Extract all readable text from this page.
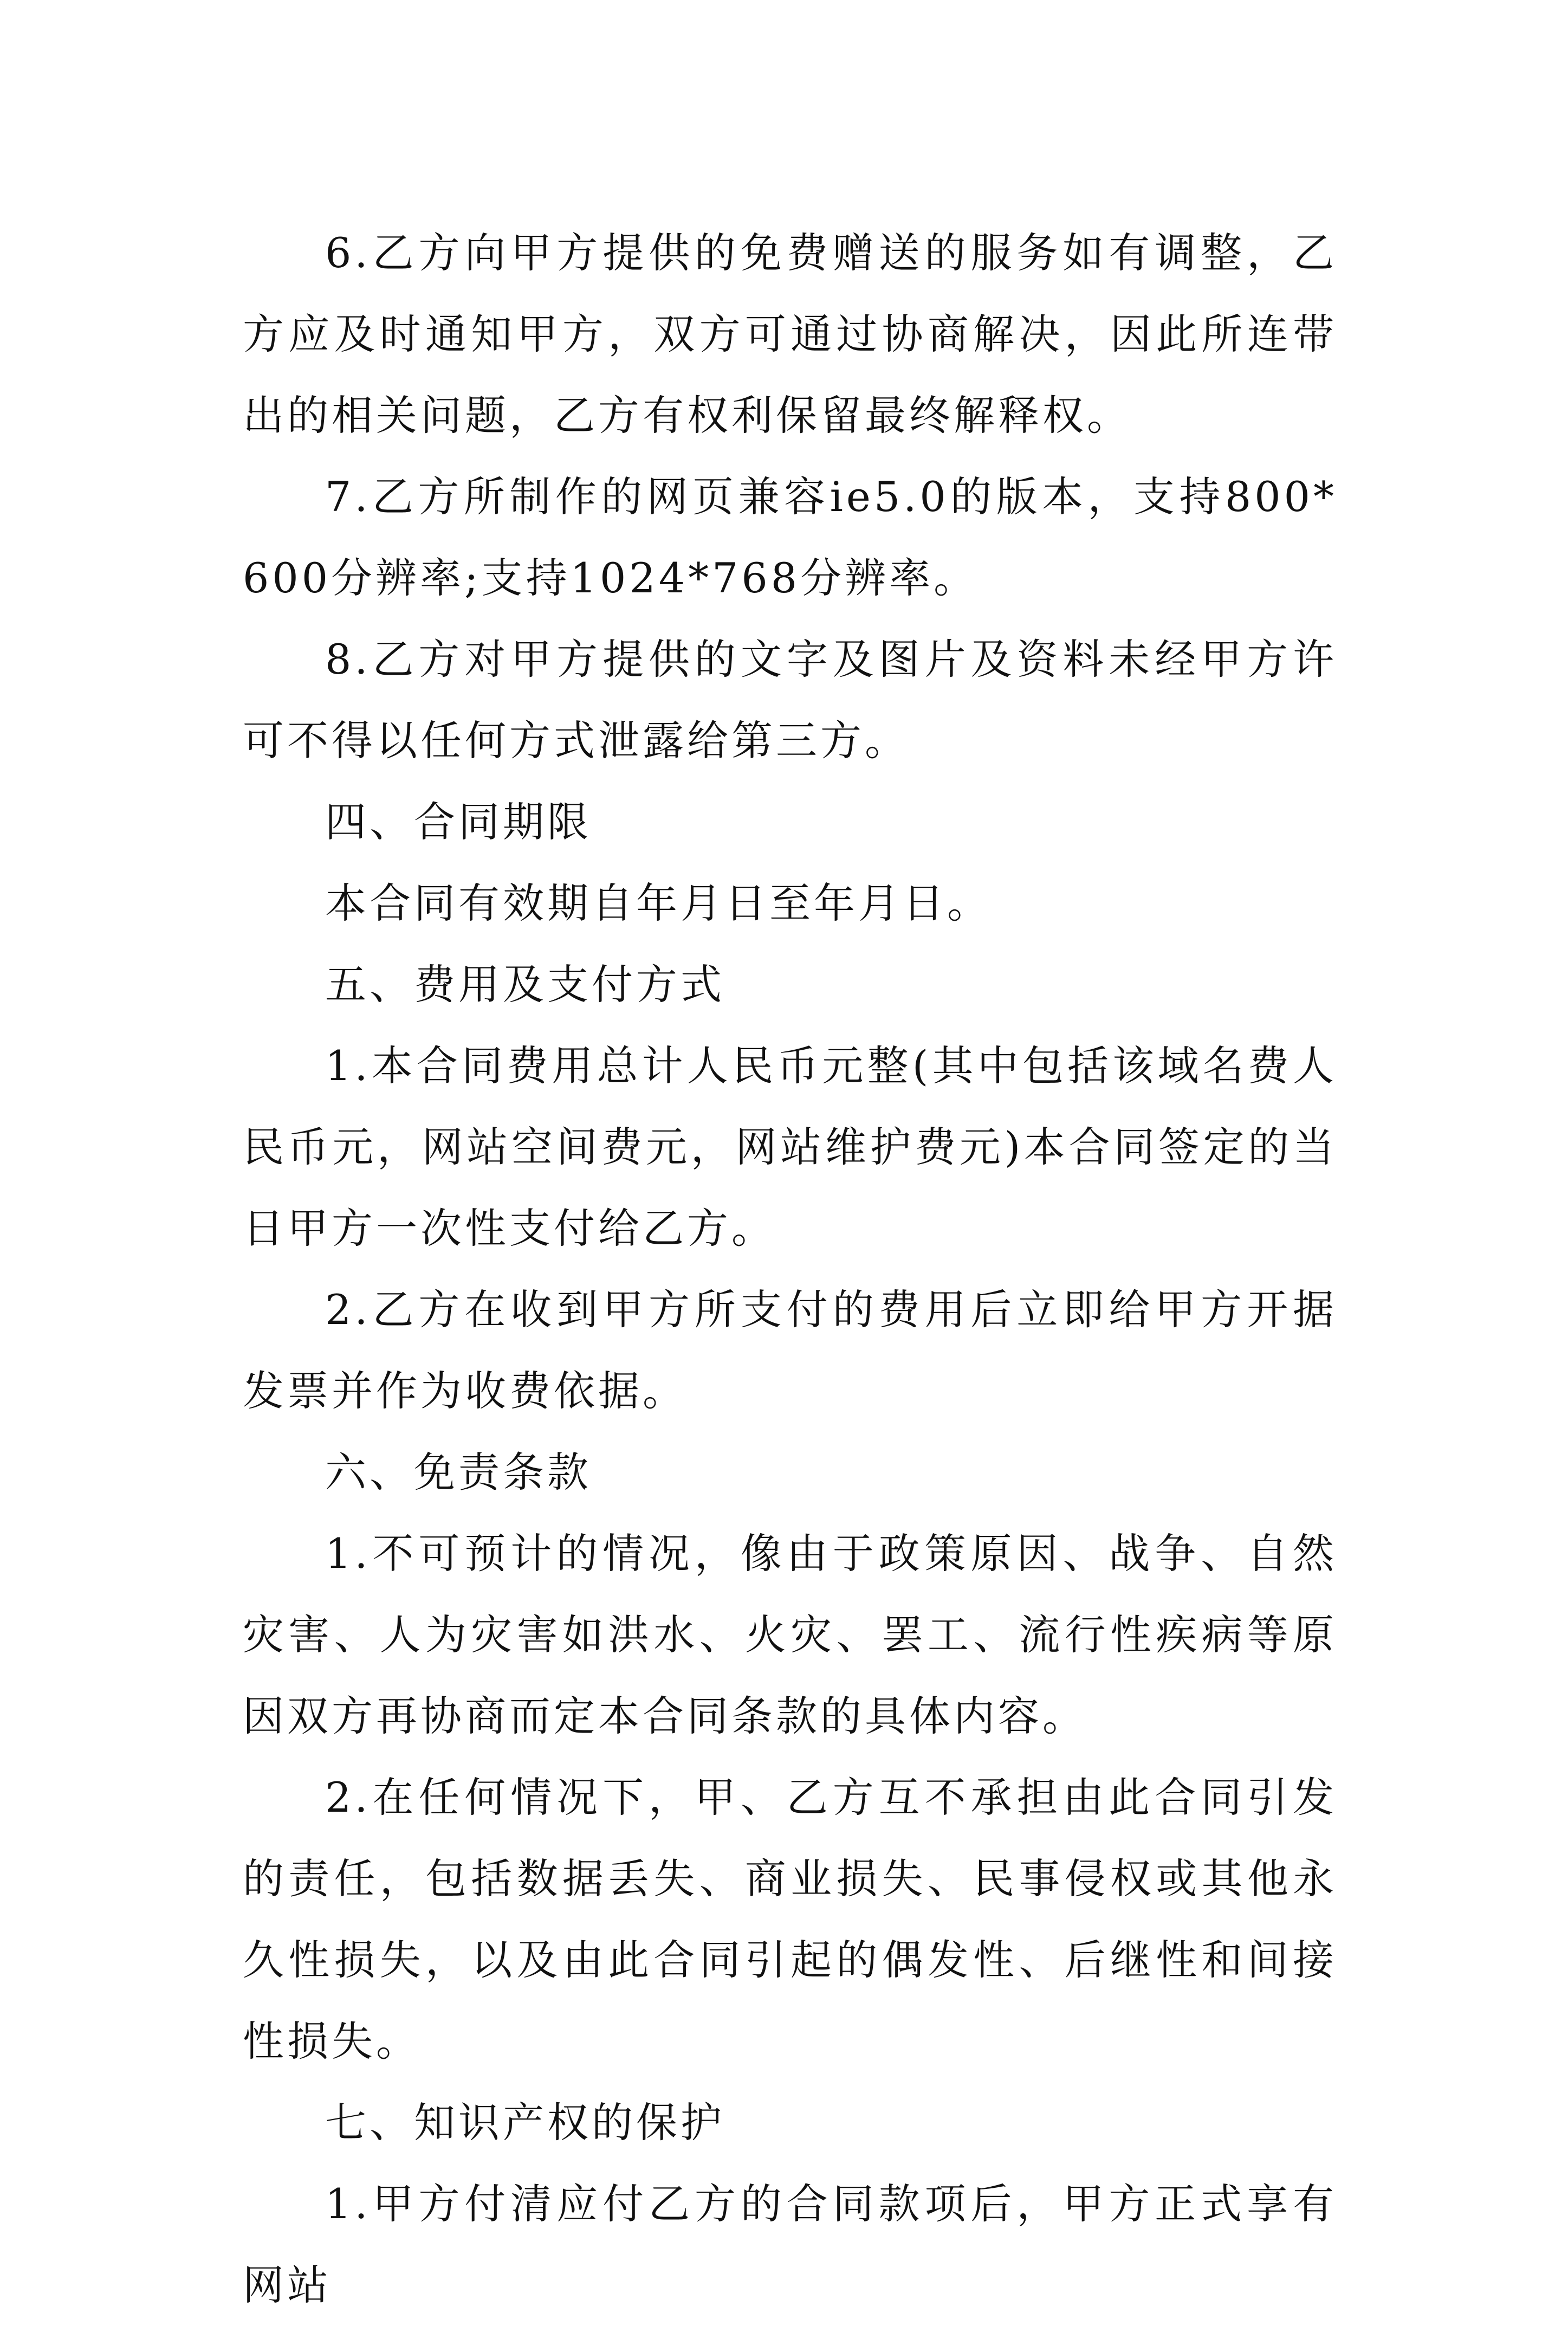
6.乙方向甲方提供的免费赠送的服务如有调整，乙方应及时通知甲方，双方可通过协商解决，因此所连带出的相关问题，乙方有权利保留最终解释权。

7.乙方所制作的网页兼容ie5.0的版本，支持800*600分辨率;支持1024*768分辨率。

8.乙方对甲方提供的文字及图片及资料未经甲方许可不得以任何方式泄露给第三方。

四、合同期限

本合同有效期自年月日至年月日。

五、费用及支付方式

1.本合同费用总计人民币元整(其中包括该域名费人民币元，网站空间费元，网站维护费元)本合同签定的当日甲方一次性支付给乙方。

2.乙方在收到甲方所支付的费用后立即给甲方开据发票并作为收费依据。

六、免责条款

1.不可预计的情况，像由于政策原因、战争、自然灾害、人为灾害如洪水、火灾、罢工、流行性疾病等原因双方再协商而定本合同条款的具体内容。

2.在任何情况下，甲、乙方互不承担由此合同引发的责任，包括数据丢失、商业损失、民事侵权或其他永久性损失，以及由此合同引起的偶发性、后继性和间接性损失。

七、知识产权的保护

1.甲方付清应付乙方的合同款项后，甲方正式享有网站
